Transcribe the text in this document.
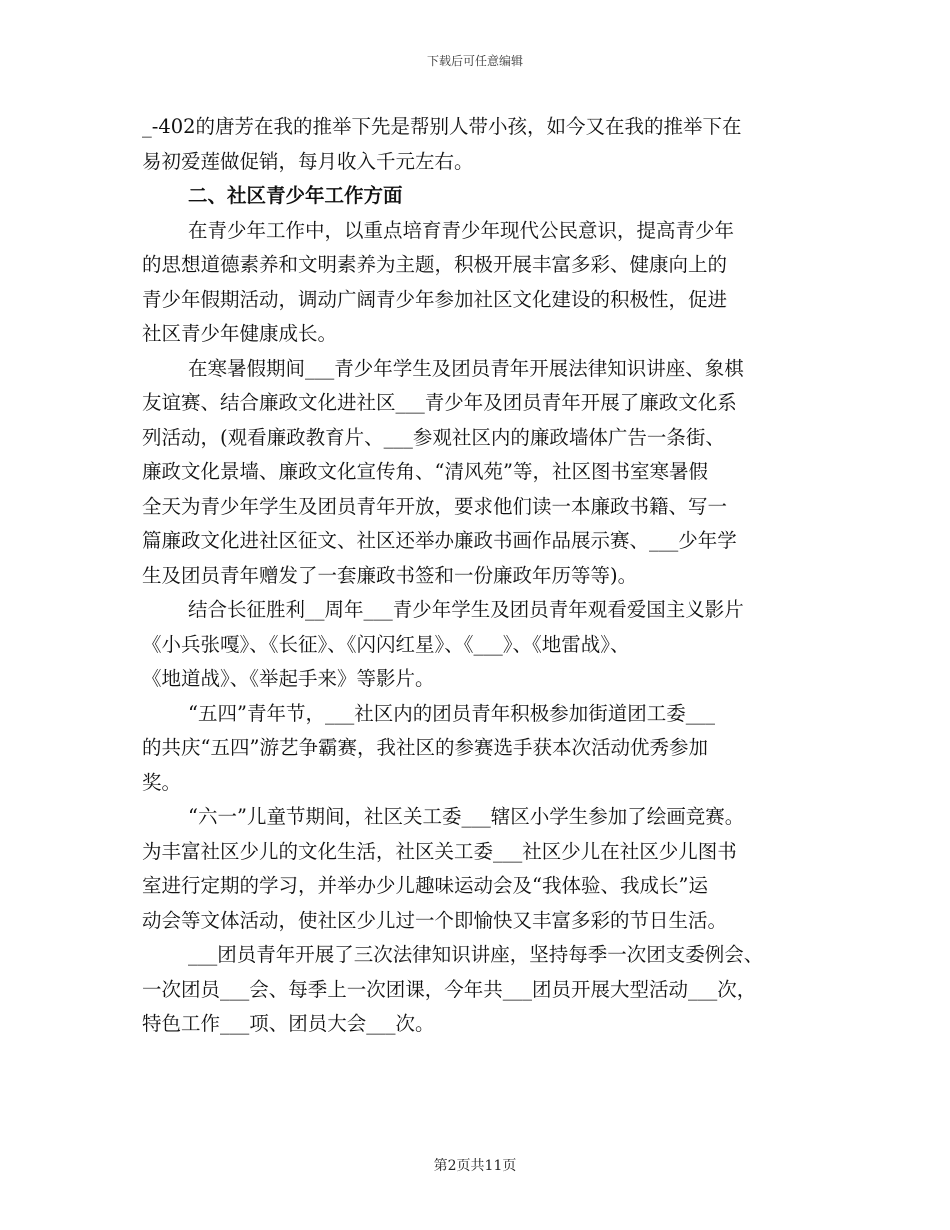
下载后可任意编辑
_-402的唐芳在我的推举下先是帮别人带小孩，如今又在我的推举下在
易初爱莲做促销，每月收入千元左右。
二、社区青少年工作方面
在青少年工作中，以重点培育青少年现代公民意识，提高青少年
的思想道德素养和文明素养为主题，积极开展丰富多彩、健康向上的
青少年假期活动，调动广阔青少年参加社区文化建设的积极性，促进
社区青少年健康成长。
在寒暑假期间___青少年学生及团员青年开展法律知识讲座、象棋
友谊赛、结合廉政文化进社区___青少年及团员青年开展了廉政文化系
列活动，(观看廉政教育片、___参观社区内的廉政墙体广告一条街、
廉政文化景墙、廉政文化宣传角、“清风苑”等，社区图书室寒暑假
全天为青少年学生及团员青年开放，要求他们读一本廉政书籍、写一
篇廉政文化进社区征文、社区还举办廉政书画作品展示赛、___少年学
生及团员青年赠发了一套廉政书签和一份廉政年历等等)。
结合长征胜利__周年___青少年学生及团员青年观看爱国主义影片
《小兵张嘎》、《长征》、《闪闪红星》、《___》、《地雷战》、
《地道战》、《举起手来》等影片。
“五四”青年节，___社区内的团员青年积极参加街道团工委___
的共庆“五四”游艺争霸赛，我社区的参赛选手获本次活动优秀参加
奖。
“六一”儿童节期间，社区关工委___辖区小学生参加了绘画竞赛。
为丰富社区少儿的文化生活，社区关工委___社区少儿在社区少儿图书
室进行定期的学习，并举办少儿趣味运动会及“我体验、我成长”运
动会等文体活动，使社区少儿过一个即愉快又丰富多彩的节日生活。
___团员青年开展了三次法律知识讲座，坚持每季一次团支委例会、
一次团员___会、每季上一次团课，今年共___团员开展大型活动___次，
特色工作___项、团员大会___次。
第2页共11页
